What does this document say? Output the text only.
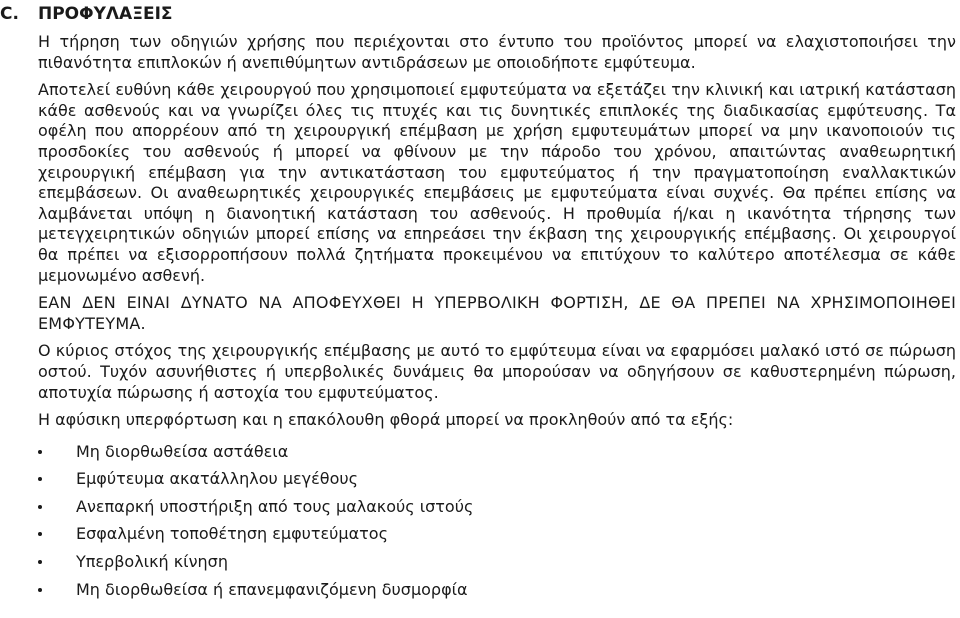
C. ΠΡΟΦΥΛΑΞΕΙΣ

Η τήρηση των οδηγιών χρήσης που περιέχονται στο έντυπο του προϊόντος μπορεί να ελαχιστοποιήσει την πιθανότητα επιπλοκών ή ανεπιθύμητων αντιδράσεων με οποιοδήποτε εμφύτευμα.

Αποτελεί ευθύνη κάθε χειρουργού που χρησιμοποιεί εμφυτεύματα να εξετάζει την κλινική και ιατρική κατάσταση κάθε ασθενούς και να γνωρίζει όλες τις πτυχές και τις δυνητικές επιπλοκές της διαδικασίας εμφύτευσης. Τα οφέλη που απορρέουν από τη χειρουργική επέμβαση με χρήση εμφυτευμάτων μπορεί να μην ικανοποιούν τις προσδοκίες του ασθενούς ή μπορεί να φθίνουν με την πάροδο του χρόνου, απαιτώντας αναθεωρητική χειρουργική επέμβαση για την αντικατάσταση του εμφυτεύματος ή την πραγματοποίηση εναλλακτικών επεμβάσεων. Οι αναθεωρητικές χειρουργικές επεμβάσεις με εμφυτεύματα είναι συχνές. Θα πρέπει επίσης να λαμβάνεται υπόψη η διανοητική κατάσταση του ασθενούς. Η προθυμία ή/και η ικανότητα τήρησης των μετεγχειρητικών οδηγιών μπορεί επίσης να επηρεάσει την έκβαση της χειρουργικής επέμβασης. Οι χειρουργοί θα πρέπει να εξισορροπήσουν πολλά ζητήματα προκειμένου να επιτύχουν το καλύτερο αποτέλεσμα σε κάθε μεμονωμένο ασθενή.

ΕΑΝ ΔΕΝ ΕΙΝΑΙ ΔΥΝΑΤΟ ΝΑ ΑΠΟΦΕΥΧΘΕΙ Η ΥΠΕΡΒΟΛΙΚΗ ΦΟΡΤΙΣΗ, ΔΕ ΘΑ ΠΡΕΠΕΙ ΝΑ ΧΡΗΣΙΜΟΠΟΙΗΘΕΙ ΕΜΦΥΤΕΥΜΑ.

Ο κύριος στόχος της χειρουργικής επέμβασης με αυτό το εμφύτευμα είναι να εφαρμόσει μαλακό ιστό σε πώρωση οστού. Τυχόν ασυνήθιστες ή υπερβολικές δυνάμεις θα μπορούσαν να οδηγήσουν σε καθυστερημένη πώρωση, αποτυχία πώρωσης ή αστοχία του εμφυτεύματος.

Η αφύσικη υπερφόρτωση και η επακόλουθη φθορά μπορεί να προκληθούν από τα εξής:

Μη διορθωθείσα αστάθεια
Εμφύτευμα ακατάλληλου μεγέθους
Ανεπαρκή υποστήριξη από τους μαλακούς ιστούς
Εσφαλμένη τοποθέτηση εμφυτεύματος
Υπερβολική κίνηση
Μη διορθωθείσα ή επανεμφανιζόμενη δυσμορφία
